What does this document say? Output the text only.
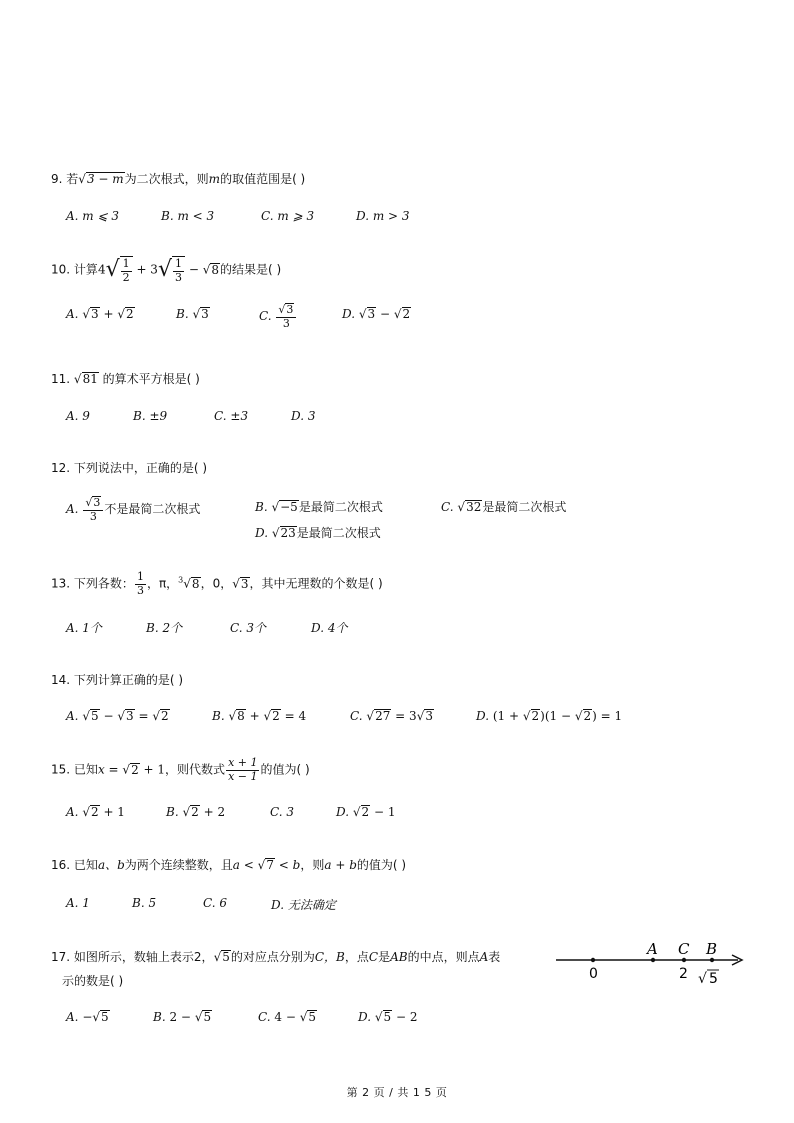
9. 若√3 − m为二次根式，则m的取值范围是( )
A. m ⩽ 3	B. m < 3	C. m ⩾ 3	D. m > 3
10. 计算4 √ $\frac{1}{2} + 3$ √ $\frac{1}{3} - √8$的结果是( )
A. √3 + √2	B. √3	C. $\frac{√3}{3}$	D. √3 − √2
11. √81 的算术平方根是( )
A. 9	B. ±9	C. ±3	D. 3
12. 下列说法中，正确的是( )
A. $\frac{√3}{3}$ 不是最简二次根式	B. √−5是最简二次根式	C. √32是最简二次根式
D. √23是最简二次根式
13. 下列各数： $\frac{1}{3}$ ，π，$^3$√8，0，√3，其中无理数的个数是( )
A. 1个	B. 2个	C. 3个	D. 4个
14. 下列计算正确的是( )
A. √5 − √3 = √2	B. √8 + √2 = 4	C. √27 = 3√3	D. (1 + √2)(1 − √2) = 1
15. 已知x = √2 + 1，则代数式 $\frac{x + 1}{x - 1}$ 的值为( )
A. √2 + 1	B. √2 + 2	C. 3	D. √2 − 1
16. 已知a、b为两个连续整数，且a < √7 < b，则a + b的值为( )
A. 1	B. 5	C. 6	D. 无法确定
17. 如图所示，数轴上表示2，√5的对应点分别为C，B，点C是AB的中点，则点A表
示的数是( )	0	2 √ 5
A C B
A. −√5	B. 2 − √5	C. 4 − √5	D. √5 − 2
第 2 页 / 共 1 5 页
